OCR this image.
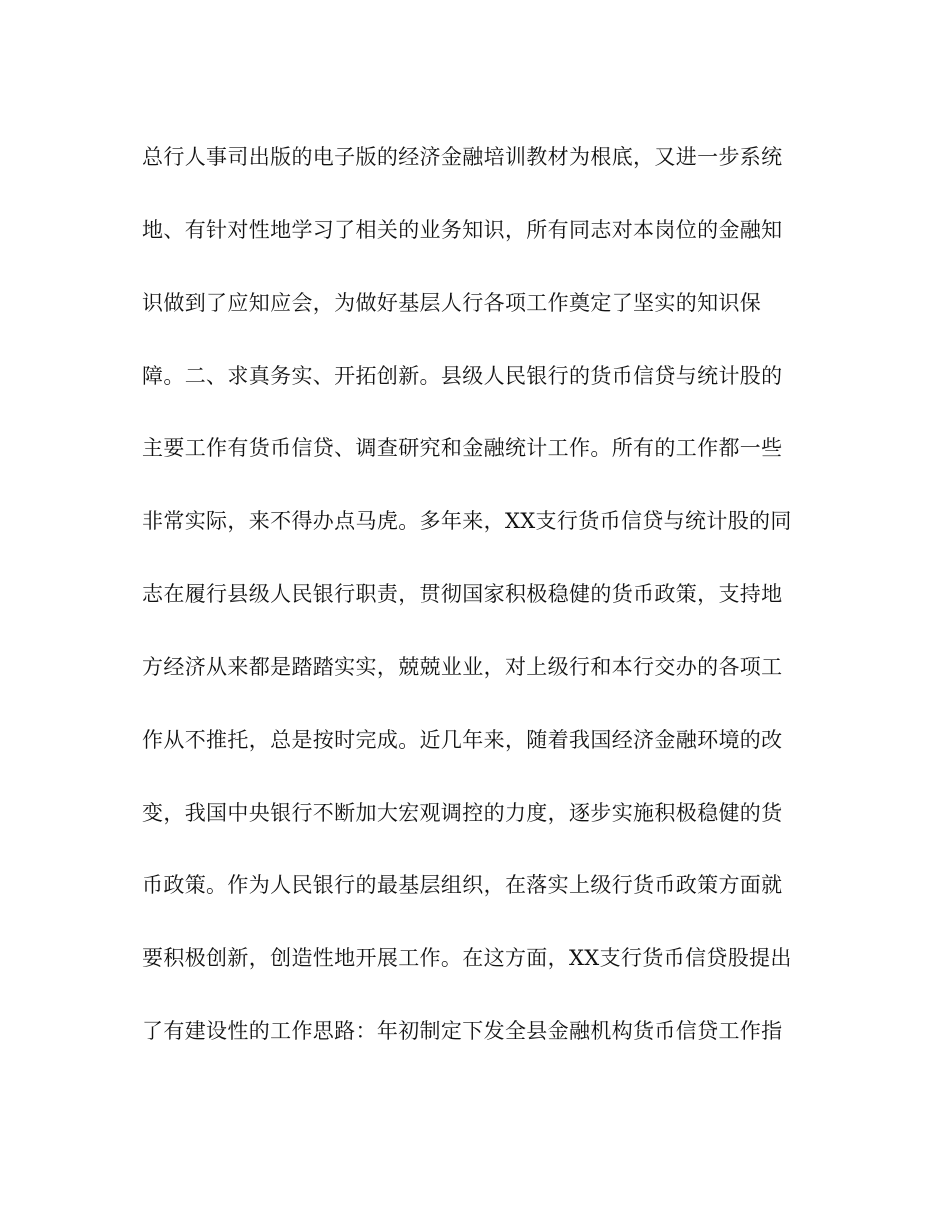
总行人事司出版的电子版的经济金融培训教材为根底，又进一步系统
地、有针对性地学习了相关的业务知识，所有同志对本岗位的金融知
识做到了应知应会，为做好基层人行各项工作奠定了坚实的知识保
障。二、求真务实、开拓创新。县级人民银行的货币信贷与统计股的
主要工作有货币信贷、调查研究和金融统计工作。所有的工作都一些
非常实际，来不得办点马虎。多年来，XX支行货币信贷与统计股的同
志在履行县级人民银行职责，贯彻国家积极稳健的货币政策，支持地
方经济从来都是踏踏实实，兢兢业业，对上级行和本行交办的各项工
作从不推托，总是按时完成。近几年来，随着我国经济金融环境的改
变，我国中央银行不断加大宏观调控的力度，逐步实施积极稳健的货
币政策。作为人民银行的最基层组织，在落实上级行货币政策方面就
要积极创新，创造性地开展工作。在这方面，XX支行货币信贷股提出
了有建设性的工作思路：年初制定下发全县金融机构货币信贷工作指
